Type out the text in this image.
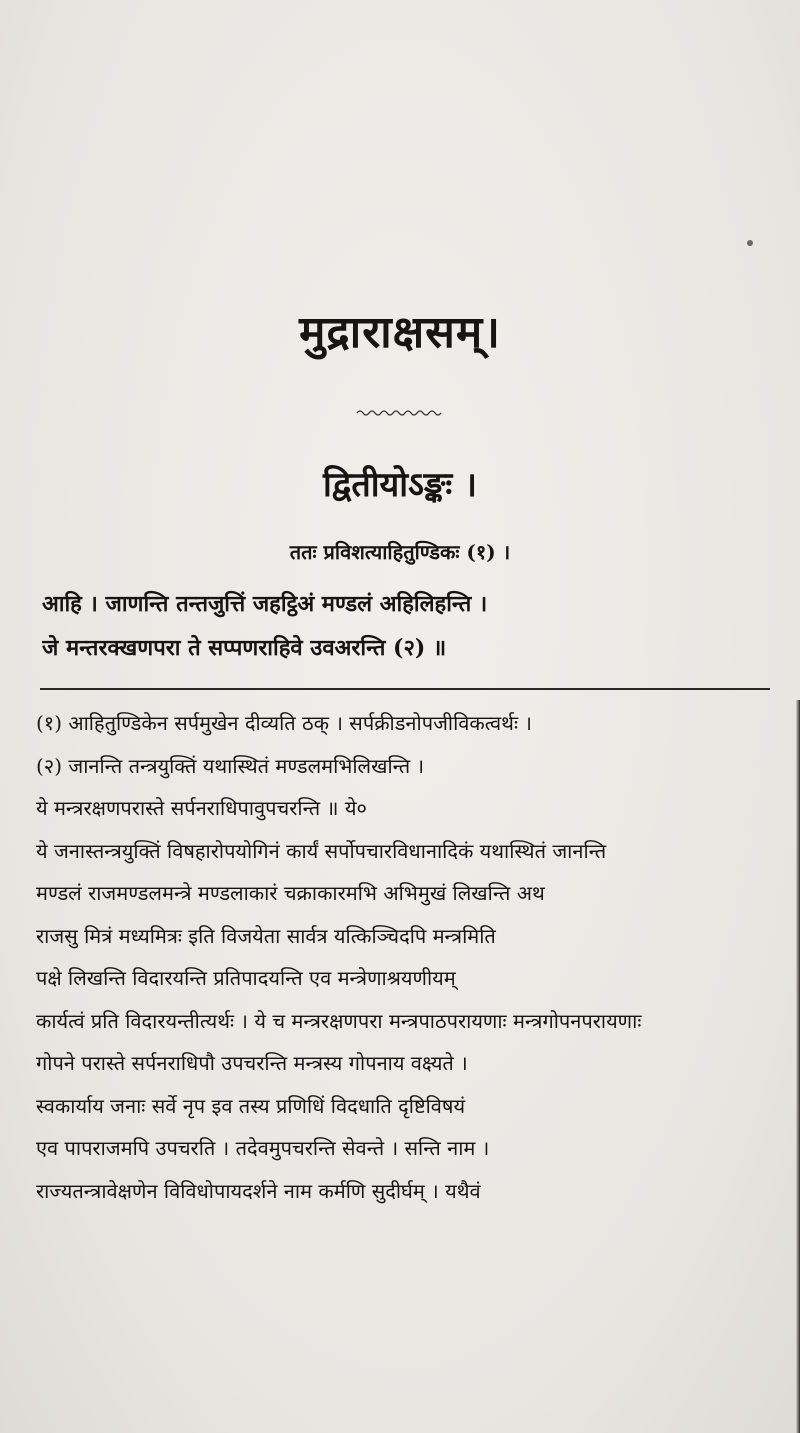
मुद्राराक्षसम्।
द्वितीयोऽङ्कः ।
ततः प्रविशत्याहितुण्डिकः (१) ।
आहि । जाणन्ति तन्तजुत्तिं जहट्ठिअं मण्डलं अहिलिहन्ति ।
जे मन्तरक्खणपरा ते सप्पणराहिवे उवअरन्ति (२) ॥
(१) आहितुण्डिकेन सर्पमुखेन दीव्यति ठक् । सर्पक्रीडनोपजीविकत्वर्थः ।
(२) जानन्ति तन्त्रयुक्तिं यथास्थितं मण्डलमभिलिखन्ति ।
ये मन्त्ररक्षणपरास्ते सर्पनराधिपावुपचरन्ति ॥ ये०
ये जनास्तन्त्रयुक्तिं विषहारोपयोगिनं कार्यं सर्पोपचारविधानादिकं यथास्थितं जानन्ति
मण्डलं राजमण्डलमन्त्रे मण्डलाकारं चक्राकारमभि अभिमुखं लिखन्ति अथ
राजसु मित्रं मध्यमित्रः इति विजयेता सार्वत्र यत्किञ्चिदपि मन्त्रमिति
पक्षे लिखन्ति विदारयन्ति प्रतिपादयन्ति एव मन्त्रेणाश्रयणीयम्
कार्यत्वं प्रति विदारयन्तीत्यर्थः । ये च मन्त्ररक्षणपरा मन्त्रपाठपरायणाः मन्त्रगोपनपरायणाः
गोपने परास्ते सर्पनराधिपौ उपचरन्ति मन्त्रस्य गोपनाय वक्ष्यते ।
स्वकार्याय जनाः सर्वे नृप इव तस्य प्रणिधिं विदधाति दृष्टिविषयं
एव पापराजमपि उपचरति । तदेवमुपचरन्ति सेवन्ते । सन्ति नाम ।
राज्यतन्त्रावेक्षणेन विविधोपायदर्शने नाम कर्मणि सुदीर्घम् । यथैवं
